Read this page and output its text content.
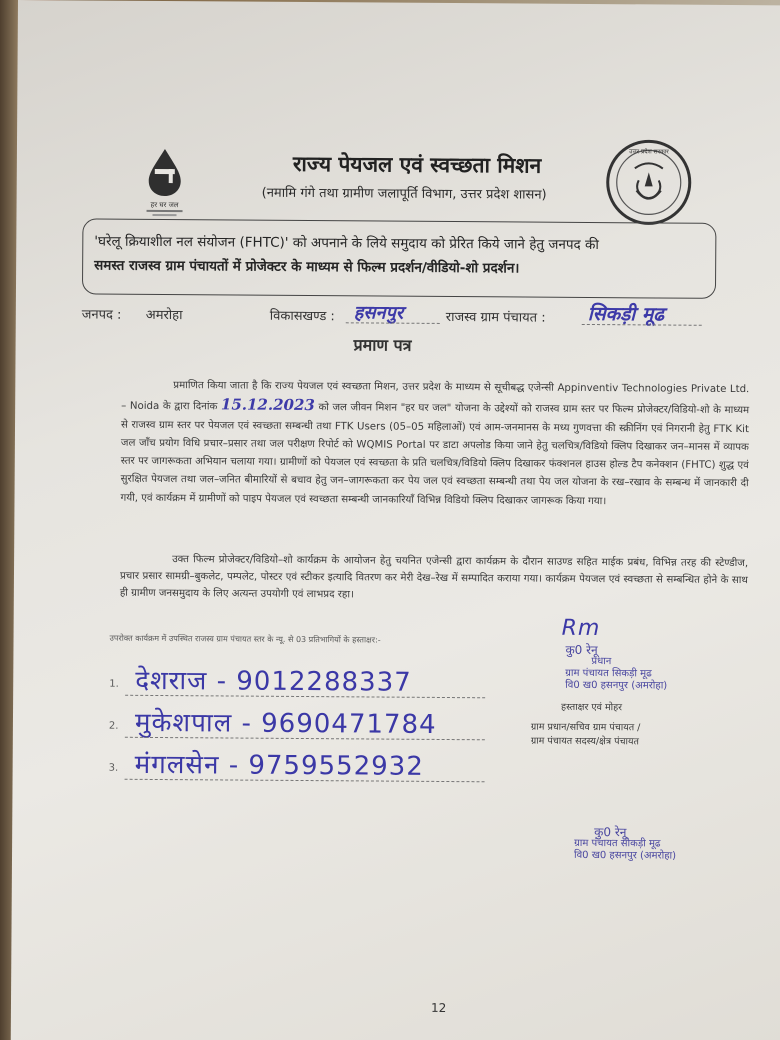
हर घर जल
राज्य पेयजल एवं स्वच्छता मिशन
(नमामि गंगे तथा ग्रामीण जलापूर्ति विभाग, उत्तर प्रदेश शासन)
उत्तर प्रदेश सरकार
'घरेलू क्रियाशील नल संयोजन (FHTC)' को अपनाने के लिये समुदाय को प्रेरित किये जाने हेतु जनपद की
समस्त राजस्व ग्राम पंचायतों में प्रोजेक्टर के माध्यम से फिल्म प्रदर्शन/वीडियो-शो प्रदर्शन।
जनपद : अमरोहा	विकासखण्ड : हसनपुर	राजस्व ग्राम पंचायत : सिकड़ी मूढ
प्रमाण पत्र
प्रमाणित किया जाता है कि राज्य पेयजल एवं स्वच्छता मिशन, उत्तर प्रदेश के माध्यम से सूचीबद्ध एजेन्सी Appinventiv Technologies Private Ltd. – Noida के द्वारा दिनांक 15.12.2023 को जल जीवन मिशन "हर घर जल" योजना के उद्देश्यों को राजस्व ग्राम स्तर पर फिल्म प्रोजेक्टर/विडियो-शो के माध्यम से राजस्व ग्राम स्तर पर पेयजल एवं स्वच्छता सम्बन्धी तथा FTK Users (05–05 महिलाओं) एवं आम-जनमानस के मध्य गुणवत्ता की स्क्रीनिंग एवं निगरानी हेतु FTK Kit जल जाँच प्रयोग विधि प्रचार–प्रसार तथा जल परीक्षण रिपोर्ट को WQMIS Portal पर डाटा अपलोड किया जाने हेतु चलचित्र/विडियो क्लिप दिखाकर जन–मानस में व्यापक स्तर पर जागरूकता अभियान चलाया गया। ग्रामीणों को पेयजल एवं स्वच्छता के प्रति चलचित्र/विडियो क्लिप दिखाकर फंक्शनल हाउस होल्ड टैप कनेक्शन (FHTC) शुद्ध एवं सुरक्षित पेयजल तथा जल–जनित बीमारियों से बचाव हेतु जन–जागरूकता कर पेय जल एवं स्वच्छता सम्बन्धी तथा पेय जल योजना के रख–रखाव के सम्बन्ध में जानकारी दी गयी, एवं कार्यक्रम में ग्रामीणों को पाइप पेयजल एवं स्वच्छता सम्बन्धी जानकारियाँ विभिन्न विडियो क्लिप दिखाकर जागरूक किया गया।
उक्त फिल्म प्रोजेक्टर/विडियो–शो कार्यक्रम के आयोजन हेतु चयनित एजेन्सी द्वारा कार्यक्रम के दौरान साउण्ड सहित माईक प्रबंध, विभिन्न तरह की स्टेण्डीज, प्रचार प्रसार सामग्री–बुकलेट, पम्पलेट, पोस्टर एवं स्टीकर इत्यादि वितरण कर मेरी देख–रेख में सम्पादित कराया गया। कार्यक्रम पेयजल एवं स्वच्छता से सम्बन्धित होने के साथ ही ग्रामीण जनसमुदाय के लिए अत्यन्त उपयोगी एवं लाभप्रद रहा।
उपरोक्त कार्यक्रम में उपस्थित राजस्व ग्राम पंचायत स्तर के न्यू. से 03 प्रतिभागियों के हस्ताक्षर:-
1. देशराज - 9012288337
2. मुकेशपाल - 9690471784
3. मंगलसेन - 9759552932
Rm
कु0 रेनू
प्रधान
ग्राम पंचायत सिकड़ी मूढ
वि0 ख0 हसनपुर (अमरोहा)
हस्ताक्षर एवं मोहर
ग्राम प्रधान/सचिव ग्राम पंचायत /
ग्राम पंचायत सदस्य/क्षेत्र पंचायत
कु0 रेनू
ग्राम पंचायत सीकड़ी मूढ
वि0 ख0 हसनपुर (अमरोहा)
12
